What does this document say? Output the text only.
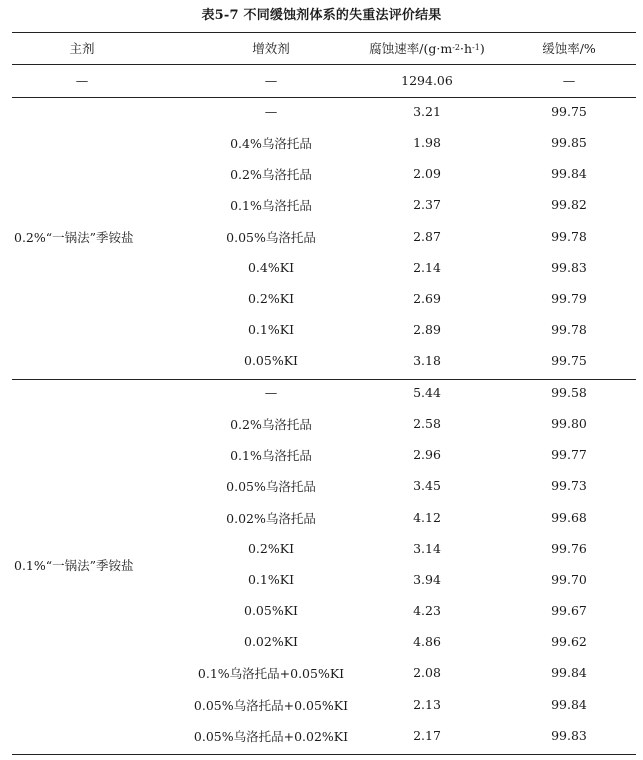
表5-7 不同缓蚀剂体系的失重法评价结果
主剂	增效剂	腐蚀速率/(g·m -2 ·h -1 )	缓蚀率/%
—	—	1294.06	—
0.2%“一锅法”季铵盐
—	3.21	99.75
0.4%乌洛托品	1.98	99.85
0.2%乌洛托品	2.09	99.84
0.1%乌洛托品	2.37	99.82
0.05%乌洛托品	2.87	99.78
0.4%KI	2.14	99.83
0.2%KI	2.69	99.79
0.1%KI	2.89	99.78
0.05%KI	3.18	99.75
0.1%“一锅法”季铵盐
—	5.44	99.58
0.2%乌洛托品	2.58	99.80
0.1%乌洛托品	2.96	99.77
0.05%乌洛托品	3.45	99.73
0.02%乌洛托品	4.12	99.68
0.2%KI	3.14	99.76
0.1%KI	3.94	99.70
0.05%KI	4.23	99.67
0.02%KI	4.86	99.62
0.1%乌洛托品+0.05%KI	2.08	99.84
0.05%乌洛托品+0.05%KI	2.13	99.84
0.05%乌洛托品+0.02%KI	2.17	99.83
